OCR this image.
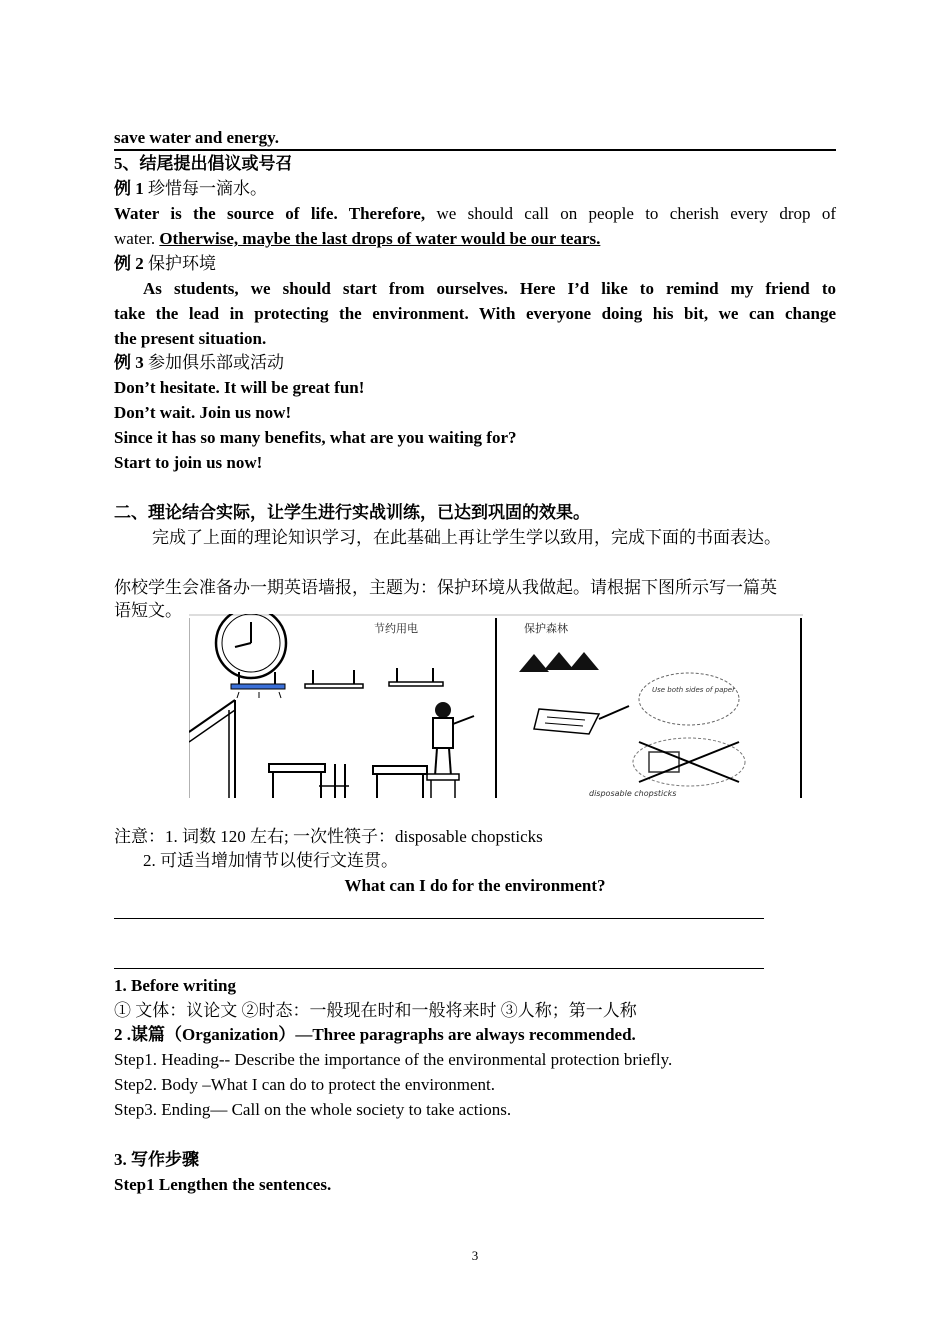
save water and energy.
5、结尾提出倡议或号召
例 1 珍惜每一滴水。
Water is the source of life. Therefore, we should call on people to cherish every drop of
water. Otherwise, maybe the last drops of water would be our tears.
例 2 保护环境
As students, we should start from ourselves. Here I’d like to remind my friend to
take the lead in protecting the environment. With everyone doing his bit, we can change
the present situation.
例 3 参加俱乐部或活动
Don’t hesitate. It will be great fun!
Don’t wait. Join us now!
Since it has so many benefits, what are you waiting for?
Start to join us now!
二、理论结合实际，让学生进行实战训练，已达到巩固的效果。
完成了上面的理论知识学习，在此基础上再让学生学以致用，完成下面的书面表达。
你校学生会准备办一期英语墙报，主题为：保护环境从我做起。请根据下图所示写一篇英
语短文。
节约用电	保护森林
Use both sides of paper
disposable chopsticks
注意：1. 词数 120 左右; 一次性筷子：disposable chopsticks
2. 可适当增加情节以使行文连贯。
What can I do for the environment?
1. Before writing
① 文体：议论文 ②时态：一般现在时和一般将来时 ③人称；第一人称
2 .谋篇（Organization）—Three paragraphs are always recommended.
Step1. Heading-- Describe the importance of the environmental protection briefly.
Step2. Body –What I can do to protect the environment.
Step3. Ending— Call on the whole society to take actions.
3. 写作步骤
Step1 Lengthen the sentences.
3
